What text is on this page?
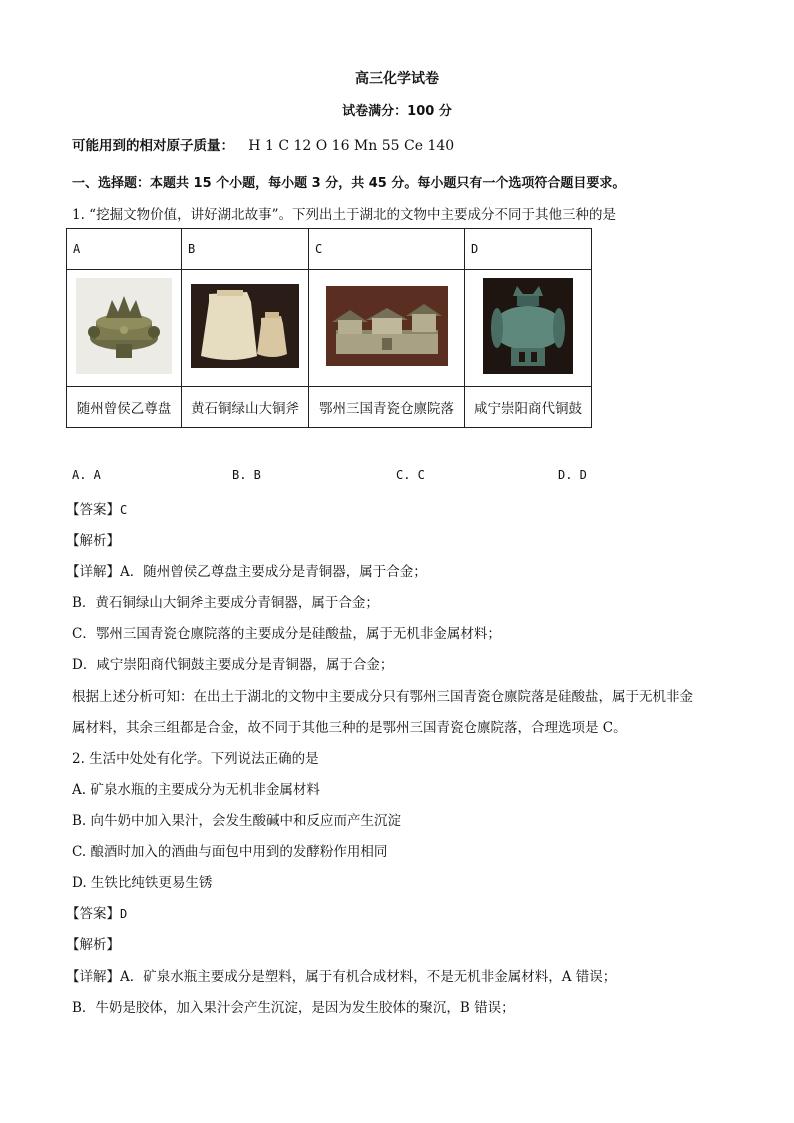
高三化学试卷
试卷满分：100 分
可能用到的相对原子质量： H 1 C 12 O 16 Mn 55 Ce 140
一、选择题：本题共 15 个小题，每小题 3 分，共 45 分。每小题只有一个选项符合题目要求。
1. “挖掘文物价值，讲好湖北故事”。下列出土于湖北的文物中主要成分不同于其他三种的是
A	B	C	D

随州曾侯乙尊盘	黄石铜绿山大铜斧	鄂州三国青瓷仓廪院落	咸宁崇阳商代铜鼓
A. A	B. B	C. C	D. D
【答案】C
【解析】
【详解】A．随州曾侯乙尊盘主要成分是青铜器，属于合金；
B．黄石铜绿山大铜斧主要成分青铜器，属于合金；
C．鄂州三国青瓷仓廪院落的主要成分是硅酸盐，属于无机非金属材料；
D．咸宁崇阳商代铜鼓主要成分是青铜器，属于合金；
根据上述分析可知：在出土于湖北的文物中主要成分只有鄂州三国青瓷仓廪院落是硅酸盐，属于无机非金
属材料，其余三组都是合金，故不同于其他三种的是鄂州三国青瓷仓廪院落，合理选项是 C。
2. 生活中处处有化学。下列说法正确的是
A. 矿泉水瓶的主要成分为无机非金属材料
B. 向牛奶中加入果汁，会发生酸碱中和反应而产生沉淀
C. 酿酒时加入的酒曲与面包中用到的发酵粉作用相同
D. 生铁比纯铁更易生锈
【答案】D
【解析】
【详解】A．矿泉水瓶主要成分是塑料，属于有机合成材料，不是无机非金属材料，A 错误；
B．牛奶是胶体，加入果汁会产生沉淀，是因为发生胶体的聚沉，B 错误；
